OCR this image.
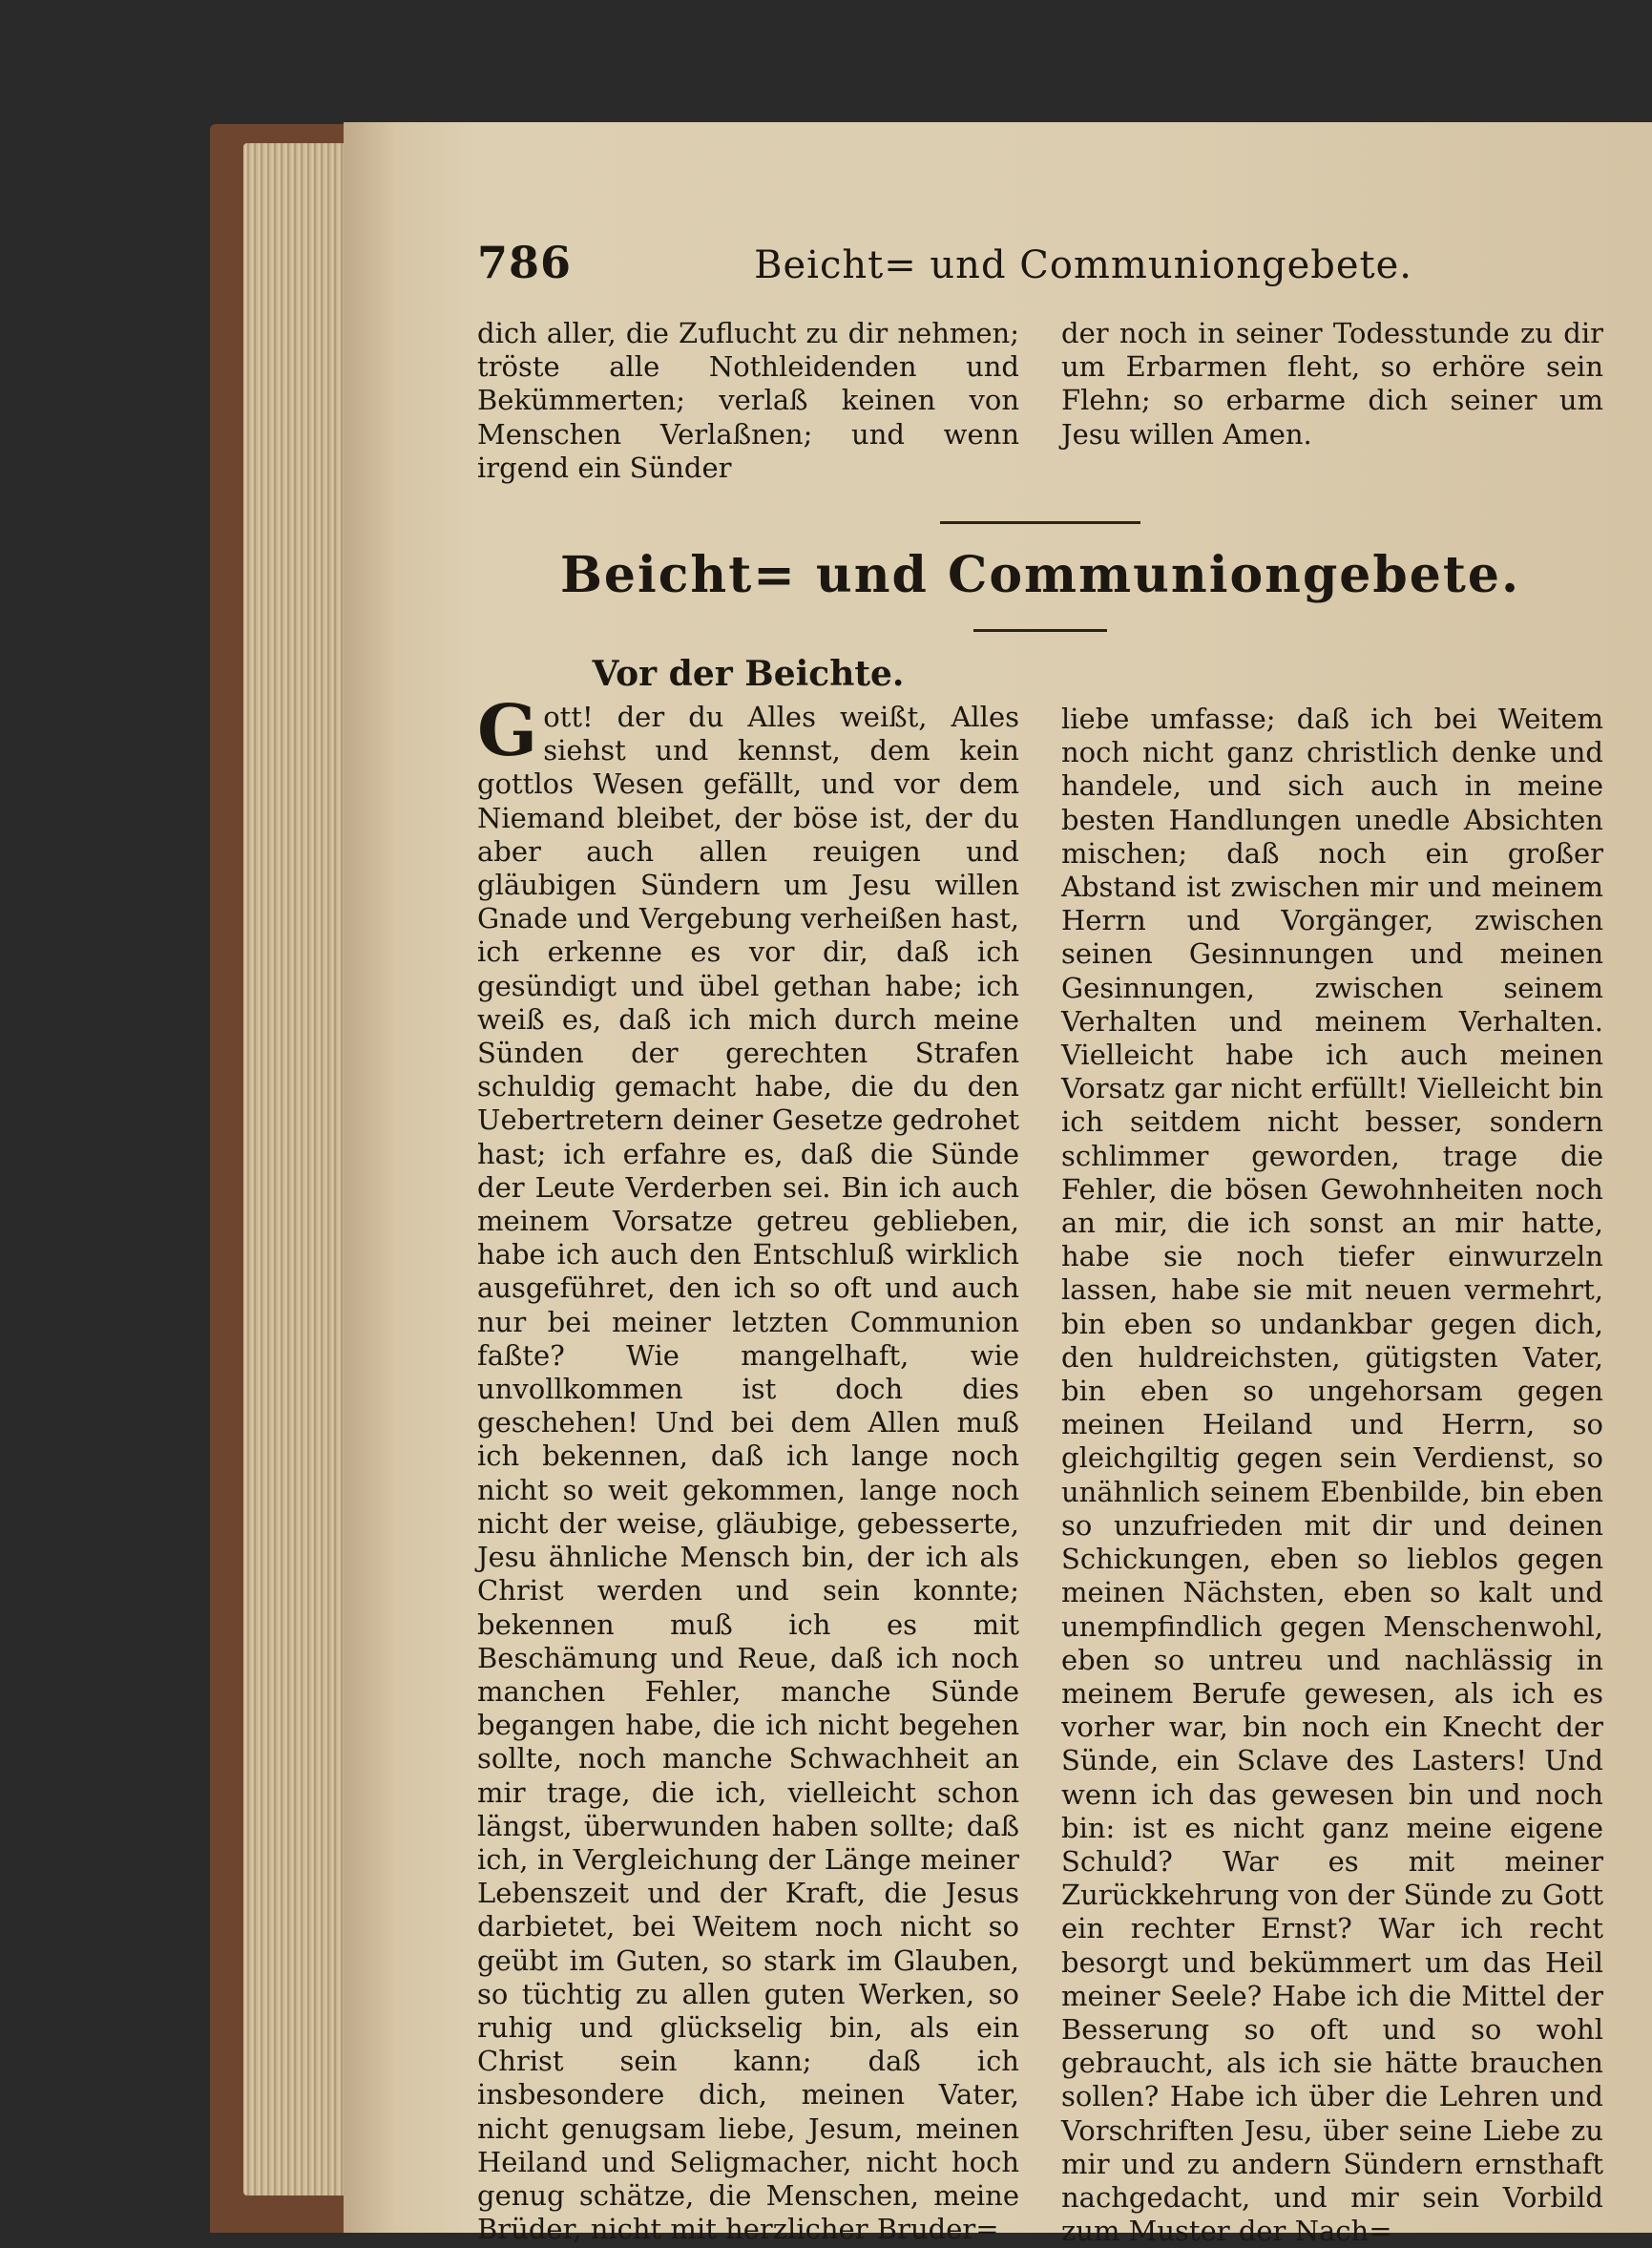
786	Beicht= und Communiongebete.

dich aller, die Zuflucht zu dir nehmen; tröste alle Nothleidenden und Bekümmerten; verlaß keinen von Menschen Verlaßnen; und wenn irgend ein Sünder

der noch in seiner Todesstunde zu dir um Erbarmen fleht, so erhöre sein Flehn; so erbarme dich seiner um Jesu willen Amen.

Beicht= und Communiongebete.
Vor der Beichte.

Gott! der du Alles weißt, Alles siehst und kennst, dem kein gottlos Wesen gefällt, und vor dem Niemand bleibet, der böse ist, der du aber auch allen reuigen und gläubigen Sündern um Jesu willen Gnade und Vergebung verheißen hast, ich erkenne es vor dir, daß ich gesündigt und übel gethan habe; ich weiß es, daß ich mich durch meine Sünden der gerechten Strafen schuldig gemacht habe, die du den Uebertretern deiner Gesetze gedrohet hast; ich erfahre es, daß die Sünde der Leute Verderben sei. Bin ich auch meinem Vorsatze getreu geblieben, habe ich auch den Entschluß wirklich ausgeführet, den ich so oft und auch nur bei meiner letzten Communion faßte? Wie mangelhaft, wie unvollkommen ist doch dies geschehen! Und bei dem Allen muß ich bekennen, daß ich lange noch nicht so weit gekommen, lange noch nicht der weise, gläubige, gebesserte, Jesu ähnliche Mensch bin, der ich als Christ werden und sein konnte; bekennen muß ich es mit Beschämung und Reue, daß ich noch manchen Fehler, manche Sünde begangen habe, die ich nicht begehen sollte, noch manche Schwachheit an mir trage, die ich, vielleicht schon längst, überwunden haben sollte; daß ich, in Vergleichung der Länge meiner Lebenszeit und der Kraft, die Jesus darbietet, bei Weitem noch nicht so geübt im Guten, so stark im Glauben, so tüchtig zu allen guten Werken, so ruhig und glückselig bin, als ein Christ sein kann; daß ich insbesondere dich, meinen Vater, nicht genugsam liebe, Jesum, meinen Heiland und Seligmacher, nicht hoch genug schätze, die Menschen, meine Brüder, nicht mit herzlicher Bruder=

liebe umfasse; daß ich bei Weitem noch nicht ganz christlich denke und handele, und sich auch in meine besten Handlungen unedle Absichten mischen; daß noch ein großer Abstand ist zwischen mir und meinem Herrn und Vorgänger, zwischen seinen Gesinnungen und meinen Gesinnungen, zwischen seinem Verhalten und meinem Verhalten. Vielleicht habe ich auch meinen Vorsatz gar nicht erfüllt! Vielleicht bin ich seitdem nicht besser, sondern schlimmer geworden, trage die Fehler, die bösen Gewohnheiten noch an mir, die ich sonst an mir hatte, habe sie noch tiefer einwurzeln lassen, habe sie mit neuen vermehrt, bin eben so undankbar gegen dich, den huldreichsten, gütigsten Vater, bin eben so ungehorsam gegen meinen Heiland und Herrn, so gleichgiltig gegen sein Verdienst, so unähnlich seinem Ebenbilde, bin eben so unzufrieden mit dir und deinen Schickungen, eben so lieblos gegen meinen Nächsten, eben so kalt und unempfindlich gegen Menschenwohl, eben so untreu und nachlässig in meinem Berufe gewesen, als ich es vorher war, bin noch ein Knecht der Sünde, ein Sclave des Lasters! Und wenn ich das gewesen bin und noch bin: ist es nicht ganz meine eigene Schuld? War es mit meiner Zurückkehrung von der Sünde zu Gott ein rechter Ernst? War ich recht besorgt und bekümmert um das Heil meiner Seele? Habe ich die Mittel der Besserung so oft und so wohl gebraucht, als ich sie hätte brauchen sollen? Habe ich über die Lehren und Vorschriften Jesu, über seine Liebe zu mir und zu andern Sündern ernsthaft nachgedacht, und mir sein Vorbild zum Muster der Nach=
